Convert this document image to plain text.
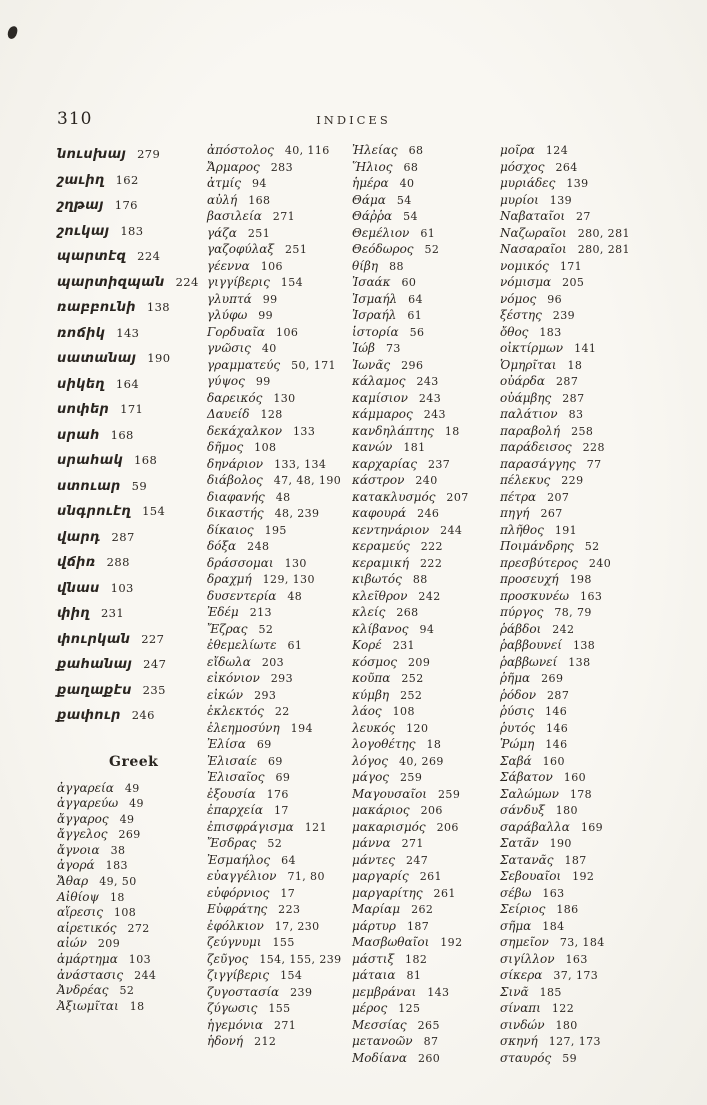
310	INDICES
նուսխայ 279
շաւիղ 162
շղթայ 176
շուկայ 183
պարտէզ 224
պարտիզպան 224
ռաբբունի 138
ռոճիկ 143
սատանայ 190
սիկեղ 164
սոփեր 171
սրահ 168
սրահակ 168
ստուար 59
սնգրուէղ 154
վարդ 287
վճիռ 288
վնաս 103
փիղ 231
փուրկան 227
քահանայ 247
քաղաքէս 235
քափուր 246
Greek
ἀγγαρεία 49
ἀγγαρεύω 49
ἄγγαρος 49
ἄγγελος 269
ἄγνοια 38
ἀγορά 183
Ἄθαρ 49, 50
Αἰθίοψ 18
αἵρεσις 108
αἱρετικός 272
αἰών 209
ἁμάρτημα 103
ἀνάστασις 244
Ἀνδρέας 52
Ἀξιωμῖται 18
ἀπόστολος 40, 116
Ἄρμαρος 283
ἀτμίς 94
αὐλή 168
βασιλεία 271
γάζα 251
γαζοφύλαξ 251
γέεννα 106
γιγγίβερις 154
γλυπτά 99
γλύφω 99
Γορδυαῖα 106
γνῶσις 40
γραμματεύς 50, 171
γύψος 99
δαρεικός 130
Δαυείδ 128
δεκάχαλκον 133
δῆμος 108
δηνάριον 133, 134
διάβολος 47, 48, 190
διαφανής 48
δικαστής 48, 239
δίκαιος 195
δόξα 248
δράσσομαι 130
δραχμή 129, 130
δυσεντερία 48
Ἐδέμ 213
Ἔζρας 52
ἐθεμελίωτε 61
εἴδωλα 203
εἰκόνιον 293
εἰκών 293
ἐκλεκτός 22
ἐλεημοσύνη 194
Ἐλίσα 69
Ἐλισαίε 69
Ἐλισαῖος 69
ἐξουσία 176
ἐπαρχεία 17
ἐπισφράγισμα 121
Ἔσδρας 52
Ἐσμαήλος 64
εὐαγγέλιον 71, 80
εὐφόρνιος 17
Εὐφράτης 223
ἐφόλκιον 17, 230
ζεύγνυμι 155
ζεῦγος 154, 155, 239
ζιγγίβερις 154
ζυγοστασία 239
ζύγωσις 155
ἡγεμόνια 271
ἡδονή 212
Ἠλείας 68
Ἥλιος 68
ἡμέρα 40
Θάμα 54
Θάῤῥα 54
Θεμέλιον 61
Θεόδωρος 52
θίβη 88
Ἰσαάκ 60
Ἰσμαήλ 64
Ἰσραήλ 61
ἱστορία 56
Ἰώβ 73
Ἰωνᾶς 296
κάλαμος 243
καμίσιον 243
κάμμαρος 243
κανδηλάπτης 18
κανών 181
καρχαρίας 237
κάστρον 240
κατακλυσμός 207
καφουρά 246
κεντηνάριον 244
κεραμεύς 222
κεραμική 222
κιβωτός 88
κλεῖθρον 242
κλείς 268
κλίβανος 94
Κορέ 231
κόσμος 209
κοῦπα 252
κύμβη 252
λάος 108
λευκός 120
λογοθέτης 18
λόγος 40, 269
μάγος 259
Μαγουσαῖοι 259
μακάριος 206
μακαρισμός 206
μάννα 271
μάντες 247
μαργαρίς 261
μαργαρίτης 261
Μαρίαμ 262
μάρτυρ 187
Μασβωθαῖοι 192
μάστιξ 182
μάταια 81
μεμβράναι 143
μέρος 125
Μεσσίας 265
μετανοῶν 87
Μοδίανα 260
μοῖρα 124
μόσχος 264
μυριάδες 139
μυρίοι 139
Ναβαταῖοι 27
Ναζωραῖοι 280, 281
Νασαραῖοι 280, 281
νομικός 171
νόμισμα 205
νόμος 96
ξέστης 239
ὄθος 183
οἰκτίρμων 141
Ὁμηρῖται 18
οὐάρδα 287
οὐάμβης 287
παλάτιον 83
παραβολή 258
παράδεισος 228
παρασάγγης 77
πέλεκυς 229
πέτρα 207
πηγή 267
πλῆθος 191
Ποιμάνδρης 52
πρεσβύτερος 240
προσευχή 198
προσκυνέω 163
πύργος 78, 79
ῥάβδοι 242
ῥαββουνεί 138
ῥαββωνεί 138
ῥῆμα 269
ῥόδον 287
ῥύσις 146
ῥυτός 146
Ῥώμη 146
Σαβά 160
Σάβατον 160
Σαλώμων 178
σάνδυξ 180
σαράβαλλα 169
Σατᾶν 190
Σατανᾶς 187
Σεβουαῖοι 192
σέβω 163
Σείριος 186
σῆμα 184
σημεῖον 73, 184
σιγίλλον 163
σίκερα 37, 173
Σινᾶ 185
σίναπι 122
σινδών 180
σκηνή 127, 173
σταυρός 59
